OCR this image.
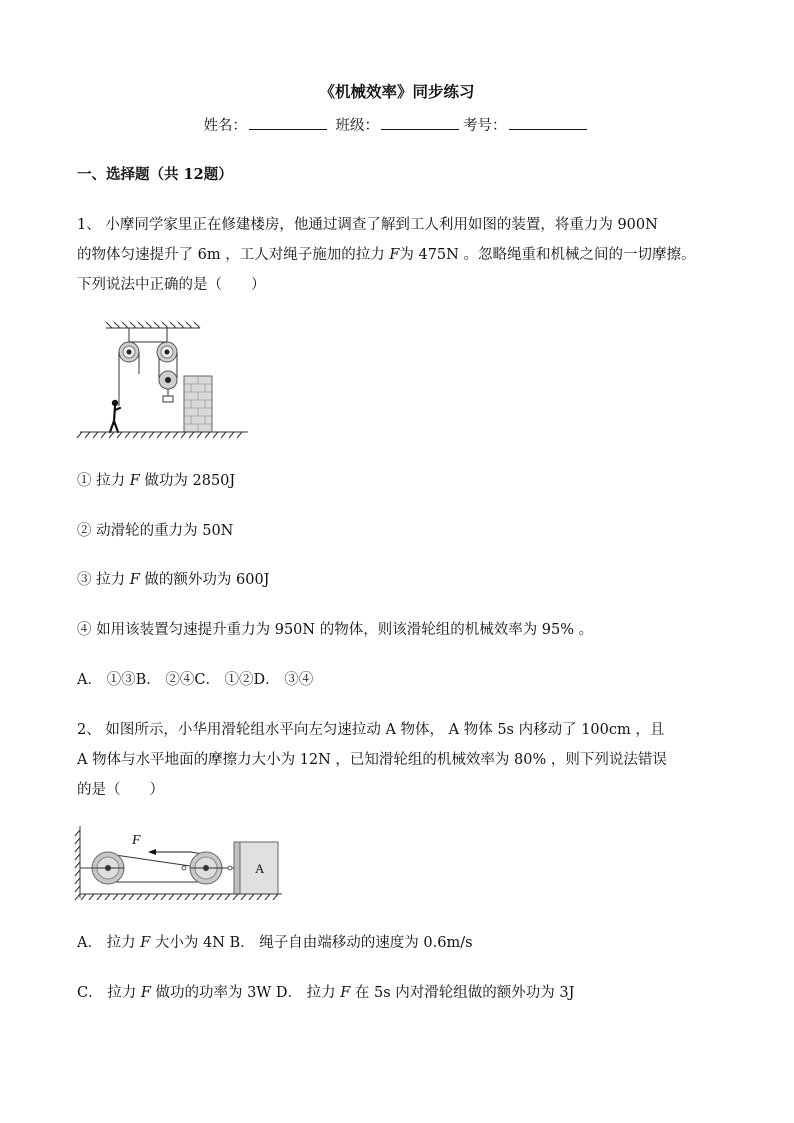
《机械效率》同步练习
姓名：	班级：	考号：
一、选择题（共 12题）
1、 小摩同学家里正在修建楼房，他通过调查了解到工人利用如图的装置，将重力为 900N
的物体匀速提升了 6m ，工人对绳子施加的拉力 F为 475N 。忽略绳重和机械之间的一切摩擦。
下列说法中正确的是（　　）
① 拉力 F 做功为 2850J
② 动滑轮的重力为 50N
③ 拉力 F 做的额外功为 600J
④ 如用该装置匀速提升重力为 950N 的物体，则该滑轮组的机械效率为 95% 。
A． ①③B． ②④C． ①②D． ③④
2、 如图所示，小华用滑轮组水平向左匀速拉动 A 物体， A 物体 5s 内移动了 100cm ，且
A 物体与水平地面的摩擦力大小为 12N ，已知滑轮组的机械效率为 80% ，则下列说法错误
的是（　　）
F
A
A． 拉力 F 大小为 4N B． 绳子自由端移动的速度为 0.6m/s
C． 拉力 F 做功的功率为 3W D． 拉力 F 在 5s 内对滑轮组做的额外功为 3J
